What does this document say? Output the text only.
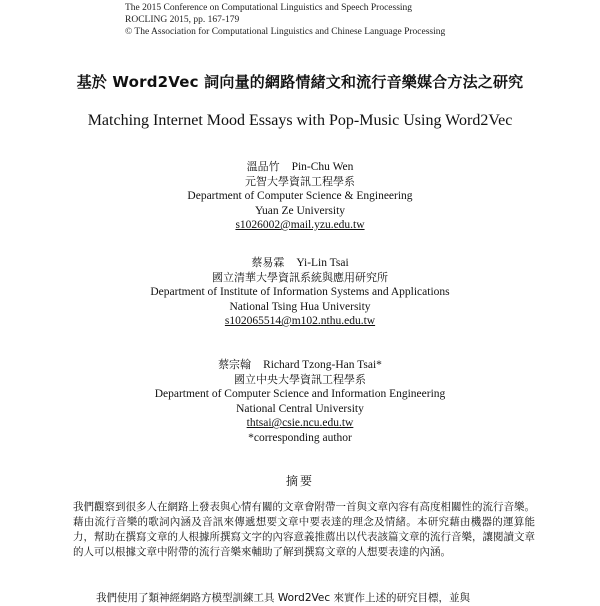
The 2015 Conference on Computational Linguistics and Speech Processing
ROCLING 2015, pp. 167-179
© The Association for Computational Linguistics and Chinese Language Processing
基於 Word2Vec 詞向量的網路情緒文和流行音樂媒合方法之研究
Matching Internet Mood Essays with Pop-Music Using Word2Vec
溫品竹 Pin-Chu Wen
元智大學資訊工程學系
Department of Computer Science & Engineering
Yuan Ze University
s1026002@mail.yzu.edu.tw
蔡易霖 Yi-Lin Tsai
國立清華大學資訊系統與應用研究所
Department of Institute of Information Systems and Applications
National Tsing Hua University
s102065514@m102.nthu.edu.tw
蔡宗翰 Richard Tzong-Han Tsai*
國立中央大學資訊工程學系
Department of Computer Science and Information Engineering
National Central University
thtsai@csie.ncu.edu.tw
*corresponding author
摘要

我們觀察到很多人在網路上發表與心情有關的文章會附帶一首與文章內容有高度相關性的流行音樂。藉由流行音樂的歌詞內涵及音訊來傳遞想要文章中要表達的理念及情緒。本研究藉由機器的運算能力，幫助在撰寫文章的人根據所撰寫文字的內容意義推薦出以代表該篇文章的流行音樂，讓閱讀文章的人可以根據文章中附帶的流行音樂來輔助了解到撰寫文章的人想要表達的內涵。

我們使用了類神經網路方模型訓練工具 Word2Vec 來實作上述的研究目標，並與
